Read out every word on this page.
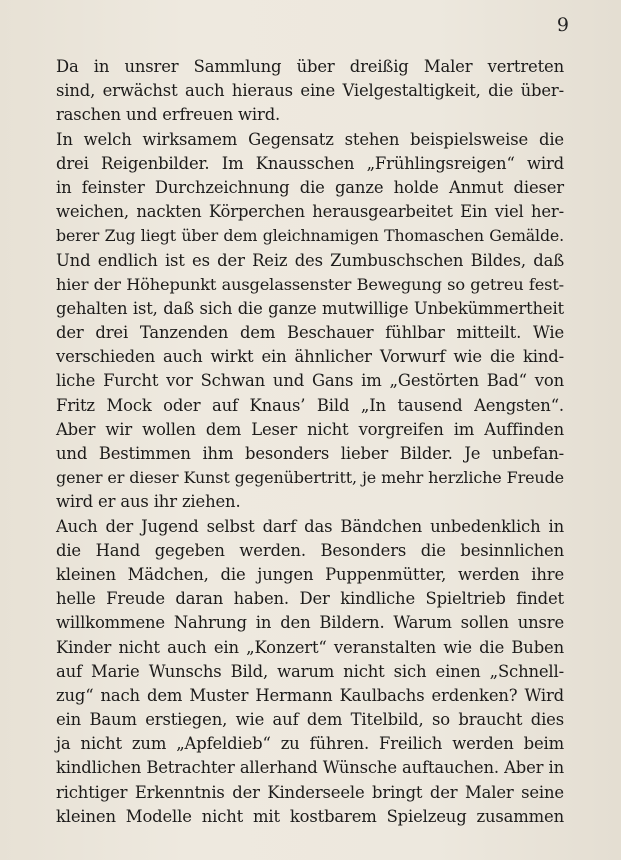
9
Da in unsrer Sammlung über dreißig Maler vertreten
sind, erwächst auch hieraus eine Vielgestaltigkeit, die über-
raschen und erfreuen wird.
In welch wirksamem Gegensatz stehen beispielsweise die
drei Reigenbilder. Im Knausschen „Frühlingsreigen“ wird
in feinster Durchzeichnung die ganze holde Anmut dieser
weichen, nackten Körperchen herausgearbeitet Ein viel her-
berer Zug liegt über dem gleichnamigen Thomaschen Gemälde.
Und endlich ist es der Reiz des Zumbuschschen Bildes, daß
hier der Höhepunkt ausgelassenster Bewegung so getreu fest-
gehalten ist, daß sich die ganze mutwillige Unbekümmertheit
der drei Tanzenden dem Beschauer fühlbar mitteilt. Wie
verschieden auch wirkt ein ähnlicher Vorwurf wie die kind-
liche Furcht vor Schwan und Gans im „Gestörten Bad“ von
Fritz Mock oder auf Knaus’ Bild „In tausend Aengsten“.
Aber wir wollen dem Leser nicht vorgreifen im Auffinden
und Bestimmen ihm besonders lieber Bilder. Je unbefan-
gener er dieser Kunst gegenübertritt, je mehr herzliche Freude
wird er aus ihr ziehen.
Auch der Jugend selbst darf das Bändchen unbedenklich in
die Hand gegeben werden. Besonders die besinnlichen
kleinen Mädchen, die jungen Puppenmütter, werden ihre
helle Freude daran haben. Der kindliche Spieltrieb findet
willkommene Nahrung in den Bildern. Warum sollen unsre
Kinder nicht auch ein „Konzert“ veranstalten wie die Buben
auf Marie Wunschs Bild, warum nicht sich einen „Schnell-
zug“ nach dem Muster Hermann Kaulbachs erdenken? Wird
ein Baum erstiegen, wie auf dem Titelbild, so braucht dies
ja nicht zum „Apfeldieb“ zu führen. Freilich werden beim
kindlichen Betrachter allerhand Wünsche auftauchen. Aber in
richtiger Erkenntnis der Kinderseele bringt der Maler seine
kleinen Modelle nicht mit kostbarem Spielzeug zusammen
